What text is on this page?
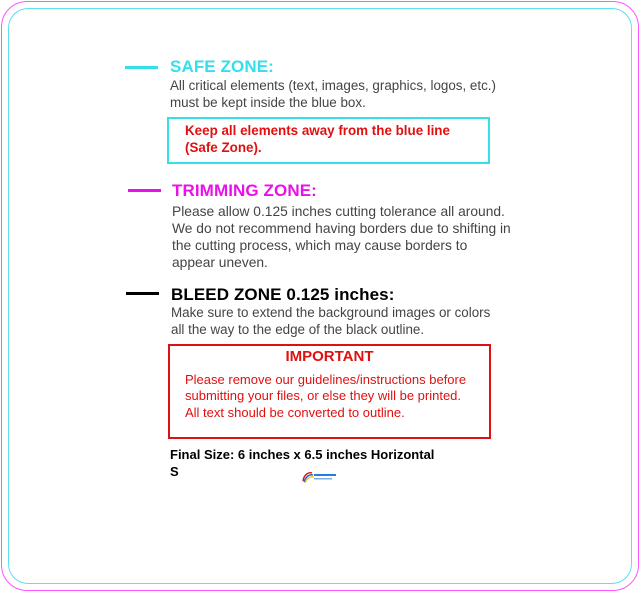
SAFE ZONE:
All critical elements (text, images, graphics, logos, etc.)
must be kept inside the blue box.
Keep all elements away from the blue line
(Safe Zone).
TRIMMING ZONE:
Please allow 0.125 inches cutting tolerance all around.
We do not recommend having borders due to shifting in
the cutting process, which may cause borders to
appear uneven.
BLEED ZONE 0.125 inches:
Make sure to extend the background images or colors
all the way to the edge of the black outline.
IMPORTANT
Please remove our guidelines/instructions before
submitting your files, or else they will be printed.
All text should be converted to outline.
Final Size: 6 inches x 6.5 inches Horizontal
S
